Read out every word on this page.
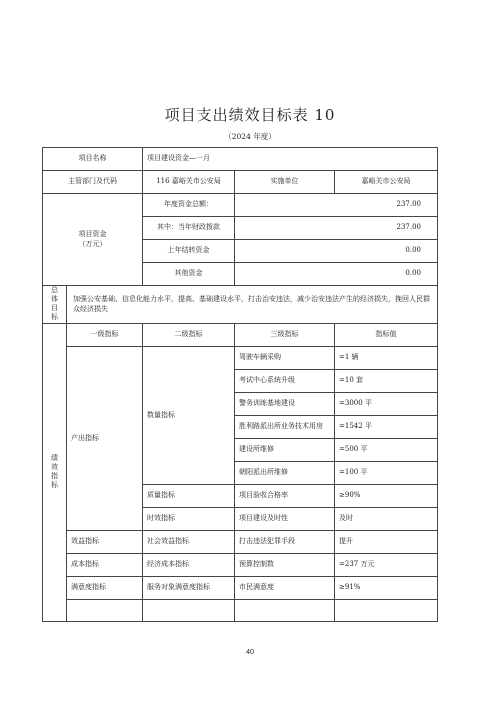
项目支出绩效目标表 10
（2024 年度）
项目名称		项目建设资金—一月		
主管部门及代码		116 嘉峪关市公安局	实施单位	嘉峪关市公安局

项目资金
（万元）		年度资金总额：	237.00	
		其中：当年财政拨款	237.00	
		上年结转资金	0.00	
		其他资金	0.00	
总体目标	加强公安基础、信息化能力水平，提高、基础建设水平，打击治安违法，减少治安违法产生的经济损失，挽回人民群众经济损失			
绩效指标	一级指标	二级指标	三级指标	指标值
	产出指标	数量指标	驾驶车辆采购	=1 辆
			考试中心系统升级	=10 套
			警务训练基地建设	=3000 平
			胜利路派出所业务技术用房	=1542 平
			建设所维修	=500 平
			朝阳派出所维修	=100 平
		质量指标	项目验收合格率	≥90%
		时效指标	项目建设及时性	及时
	效益指标	社会效益指标	打击违法犯罪手段	提升
	成本指标	经济成本指标	预算控制数	=237 万元
	满意度指标	服务对象满意度指标	市民满意度	≥91%

40
